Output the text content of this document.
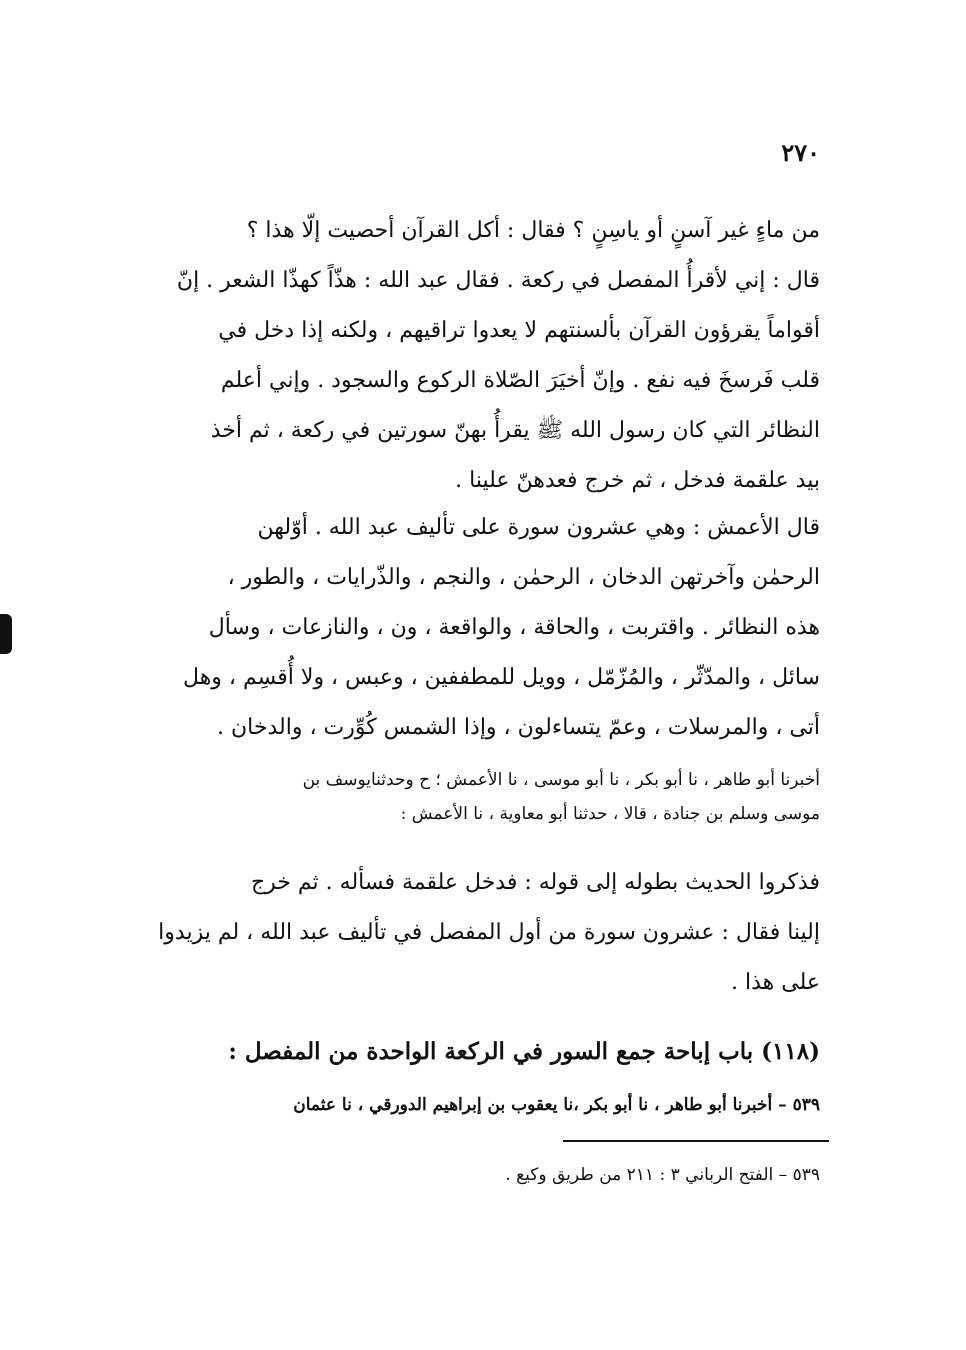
٢٧٠
من ماءٍ غير آسنٍ أو ياسِنٍ ؟ فقال : أكل القرآن أحصيت إلّا هذا ؟
قال : إني لأقرأُ المفصل في ركعة . فقال عبد الله : هذّاً كهذّا الشعر . إنّ
أقواماً يقرؤون القرآن بألسنتهم لا يعدوا تراقيهم ، ولكنه إذا دخل في
قلب فَرسخَ فيه نفع . وإنّ أخيَرَ الصّلاة الركوع والسجود . وإني أعلم
النظائر التي كان رسول الله ﷺ يقرأُ بهنّ سورتين في ركعة ، ثم أخذ
بيد علقمة فدخل ، ثم خرج فعدهنّ علينا .
قال الأعمش : وهي عشرون سورة على تأليف عبد الله . أوّلهن
الرحمٰن وآخرتهن الدخان ، الرحمٰن ، والنجم ، والذّرايات ، والطور ،
هذه النظائر . واقتربت ، والحاقة ، والواقعة ، ون ، والنازعات ، وسأل
سائل ، والمدّثّر ، والمُزّمّل ، وويل للمطففين ، وعبس ، ولا أُقسِم ، وهل
أتى ، والمرسلات ، وعمّ يتساءلون ، وإذا الشمس كُوِّرت ، والدخان .
أخبرنا أبو طاهر ، نا أبو بكر ، نا أبو موسى ، نا الأعمش ؛ ح وحدثنايوسف بن
موسى وسلم بن جنادة ، قالا ، حدثنا أبو معاوية ، نا الأعمش :
فذكروا الحديث بطوله إلى قوله : فدخل علقمة فسأله . ثم خرج
إلينا فقال : عشرون سورة من أول المفصل في تأليف عبد الله ، لم يزيدوا
على هذا .
(١١٨) باب إباحة جمع السور في الركعة الواحدة من المفصل :
٥٣٩ – أخبرنا أبو طاهر ، نا أبو بكر ،نا يعقوب بن إبراهيم الدورقي ، نا عثمان
٥٣٩ – الفتح الرباني ٣ : ٢١١ من طريق وكيع .
